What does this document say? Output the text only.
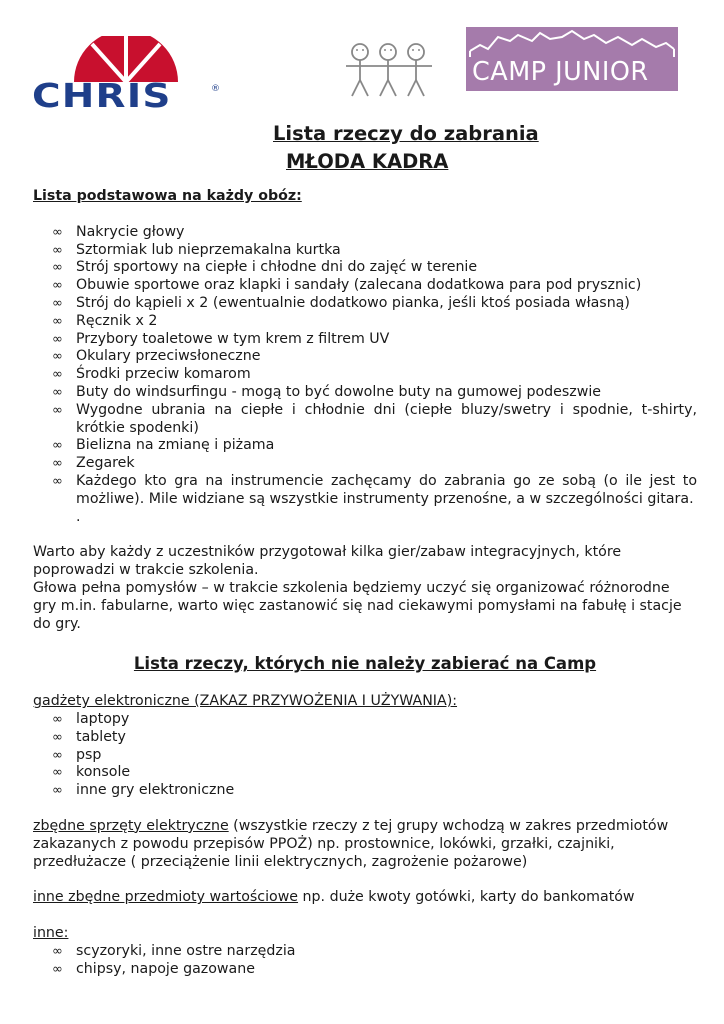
CHRIS	®
CAMP JUNIOR
Lista rzeczy do zabrania
MŁODA KADRA

Lista podstawowa na każdy obóz:

∞ Nakrycie głowy
∞ Sztormiak lub nieprzemakalna kurtka
∞ Strój sportowy na ciepłe i chłodne dni do zajęć w terenie
∞ Obuwie sportowe oraz klapki i sandały (zalecana dodatkowa para pod prysznic)
∞ Strój do kąpieli x 2 (ewentualnie dodatkowo pianka, jeśli ktoś posiada własną)
∞ Ręcznik x 2
∞ Przybory toaletowe w tym krem z filtrem UV
∞ Okulary przeciwsłoneczne
∞ Środki przeciw komarom
∞ Buty do windsurfingu - mogą to być dowolne buty na gumowej podeszwie
∞ Wygodne ubrania na ciepłe i chłodnie dni (ciepłe bluzy/swetry i spodnie, t-shirty, krótkie spodenki)
∞ Bielizna na zmianę i piżama
∞ Zegarek
∞ Każdego kto gra na instrumencie zachęcamy do zabrania go ze sobą (o ile jest to możliwe). Mile widziane są wszystkie instrumenty przenośne, a w szczególności gitara.
.

Warto aby każdy z uczestników przygotował kilka gier/zabaw integracyjnych, które poprowadzi w trakcie szkolenia.

Głowa pełna pomysłów – w trakcie szkolenia będziemy uczyć się organizować różnorodne gry m.in. fabularne, warto więc zastanowić się nad ciekawymi pomysłami na fabułę i stacje do gry.

Lista rzeczy, których nie należy zabierać na Camp

gadżety elektroniczne (ZAKAZ PRZYWOŻENIA I UŻYWANIA):

∞ laptopy
∞ tablety
∞ psp
∞ konsole
∞ inne gry elektroniczne

zbędne sprzęty elektryczne (wszystkie rzeczy z tej grupy wchodzą w zakres przedmiotów zakazanych z powodu przepisów PPOŻ) np. prostownice, lokówki, grzałki, czajniki, przedłużacze ( przeciążenie linii elektrycznych, zagrożenie pożarowe)

inne zbędne przedmioty wartościowe np. duże kwoty gotówki, karty do bankomatów

inne:

∞ scyzoryki, inne ostre narzędzia
∞ chipsy, napoje gazowane
